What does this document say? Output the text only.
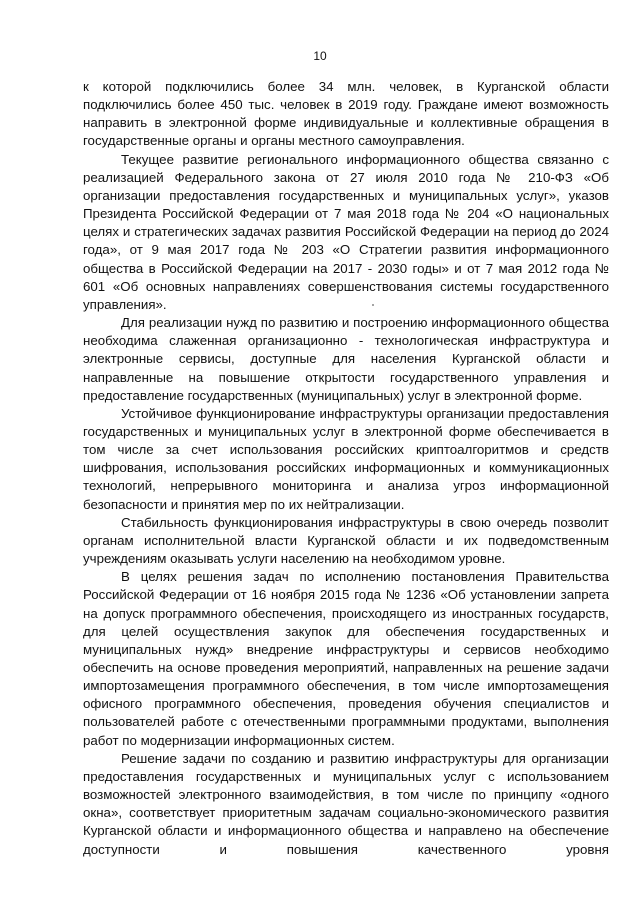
10

к которой подключились более 34 млн. человек, в Курганской области подключились более 450 тыс. человек в 2019 году. Граждане имеют возможность направить в электронной форме индивидуальные и коллективные обращения в государственные органы и органы местного самоуправления.

Текущее развитие регионального информационного общества связанно с реализацией Федерального закона от 27 июля 2010 года № 210-ФЗ «Об организации предоставления государственных и муниципальных услуг», указов Президента Российской Федерации от 7 мая 2018 года № 204 «О национальных целях и стратегических задачах развития Российской Федерации на период до 2024 года», от 9 мая 2017 года № 203 «О Стратегии развития информационного общества в Российской Федерации на 2017 - 2030 годы» и от 7 мая 2012 года № 601 «Об основных направлениях совершенствования системы государственного управления».

Для реализации нужд по развитию и построению информационного общества необходима слаженная организационно - технологическая инфраструктура и электронные сервисы, доступные для населения Курганской области и направленные на повышение открытости государственного управления и предоставление государственных (муниципальных) услуг в электронной форме.

Устойчивое функционирование инфраструктуры организации предоставления государственных и муниципальных услуг в электронной форме обеспечивается в том числе за счет использования российских криптоалгоритмов и средств шифрования, использования российских информационных и коммуникационных технологий, непрерывного мониторинга и анализа угроз информационной безопасности и принятия мер по их нейтрализации.

Стабильность функционирования инфраструктуры в свою очередь позволит органам исполнительной власти Курганской области и их подведомственным учреждениям оказывать услуги населению на необходимом уровне.

В целях решения задач по исполнению постановления Правительства Российской Федерации от 16 ноября 2015 года № 1236 «Об установлении запрета на допуск программного обеспечения, происходящего из иностранных государств, для целей осуществления закупок для обеспечения государственных и муниципальных нужд» внедрение инфраструктуры и сервисов необходимо обеспечить на основе проведения мероприятий, направленных на решение задачи импортозамещения программного обеспечения, в том числе импортозамещения офисного программного обеспечения, проведения обучения специалистов и пользователей работе с отечественными программными продуктами, выполнения работ по модернизации информационных систем.

Решение задачи по созданию и развитию инфраструктуры для организации предоставления государственных и муниципальных услуг с использованием возможностей электронного взаимодействия, в том числе по принципу «одного окна», соответствует приоритетным задачам социально-экономического развития Курганской области и информационного общества и направлено на обеспечение доступности и повышения качественного уровня
